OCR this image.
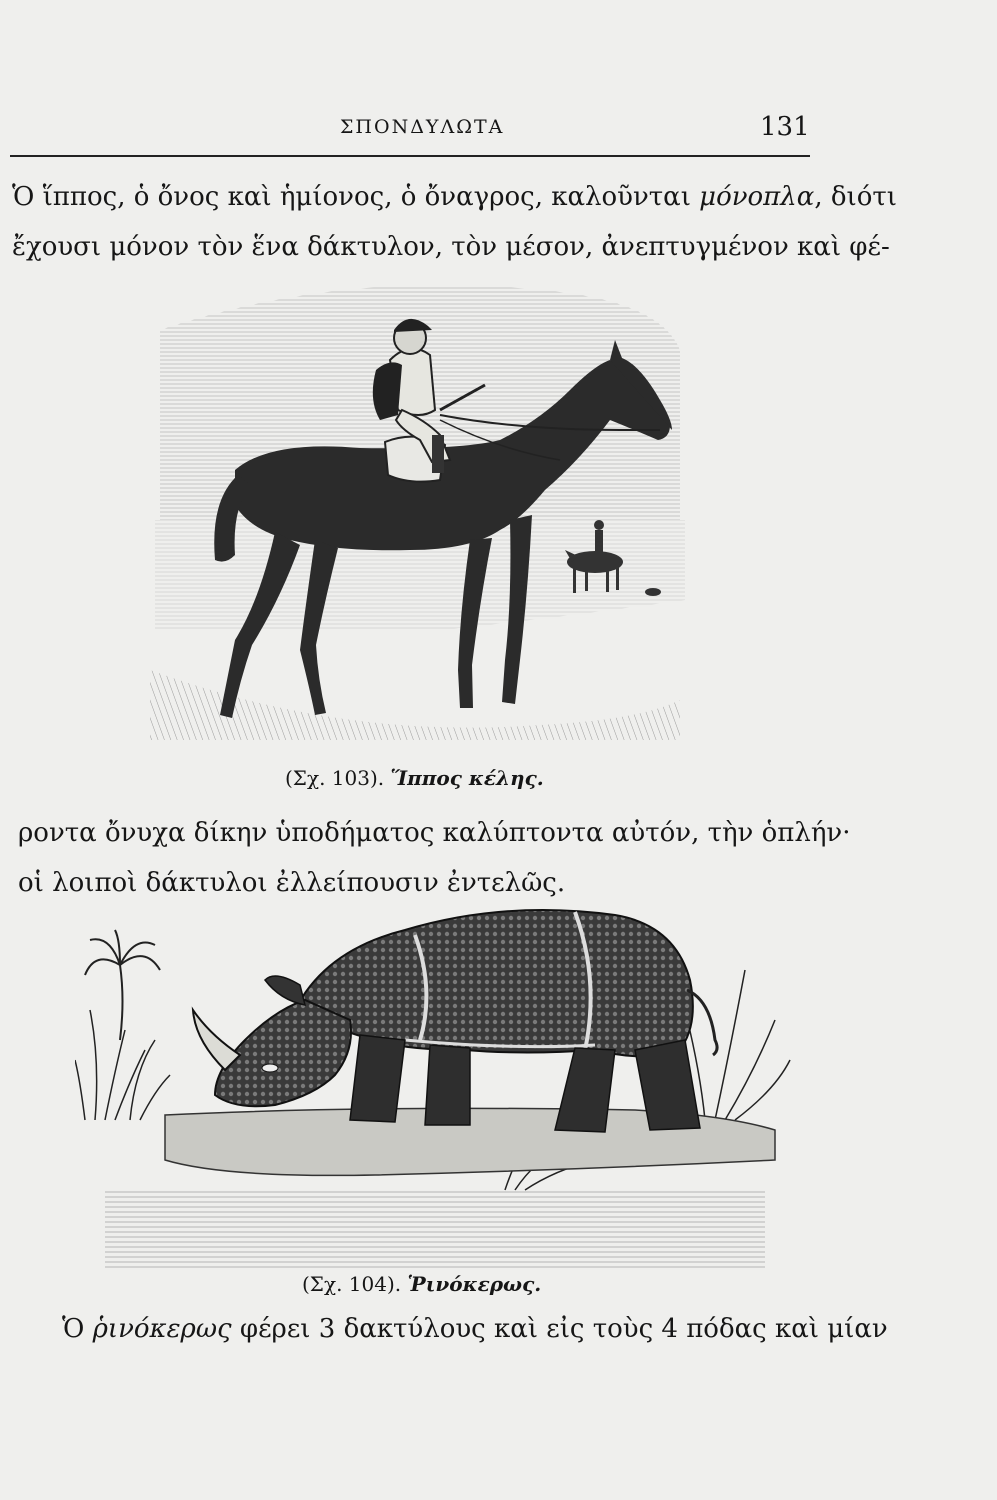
ΣΠΟΝΔΥΛΩΤΑ	131
Ὁ ἵππος, ὁ ὄνος καὶ ἡμίονος, ὁ ὄναγρος, καλοῦνται μόνοπλα, διότι
ἔχουσι μόνον τὸν ἕνα δάκτυλον, τὸν μέσον, ἀνεπτυγμένον καὶ φέ-
(Σχ. 103). Ἵππος κέλης.
ροντα ὄνυχα δίκην ὑποδήματος καλύπτοντα αὐτόν, τὴν ὁπλήν·
οἱ λοιποὶ δάκτυλοι ἐλλείπουσιν ἐντελῶς.
(Σχ. 104). Ῥινόκερως.
Ὁ ῥινόκερως φέρει 3 δακτύλους καὶ εἰς τοὺς 4 πόδας καὶ μίαν
